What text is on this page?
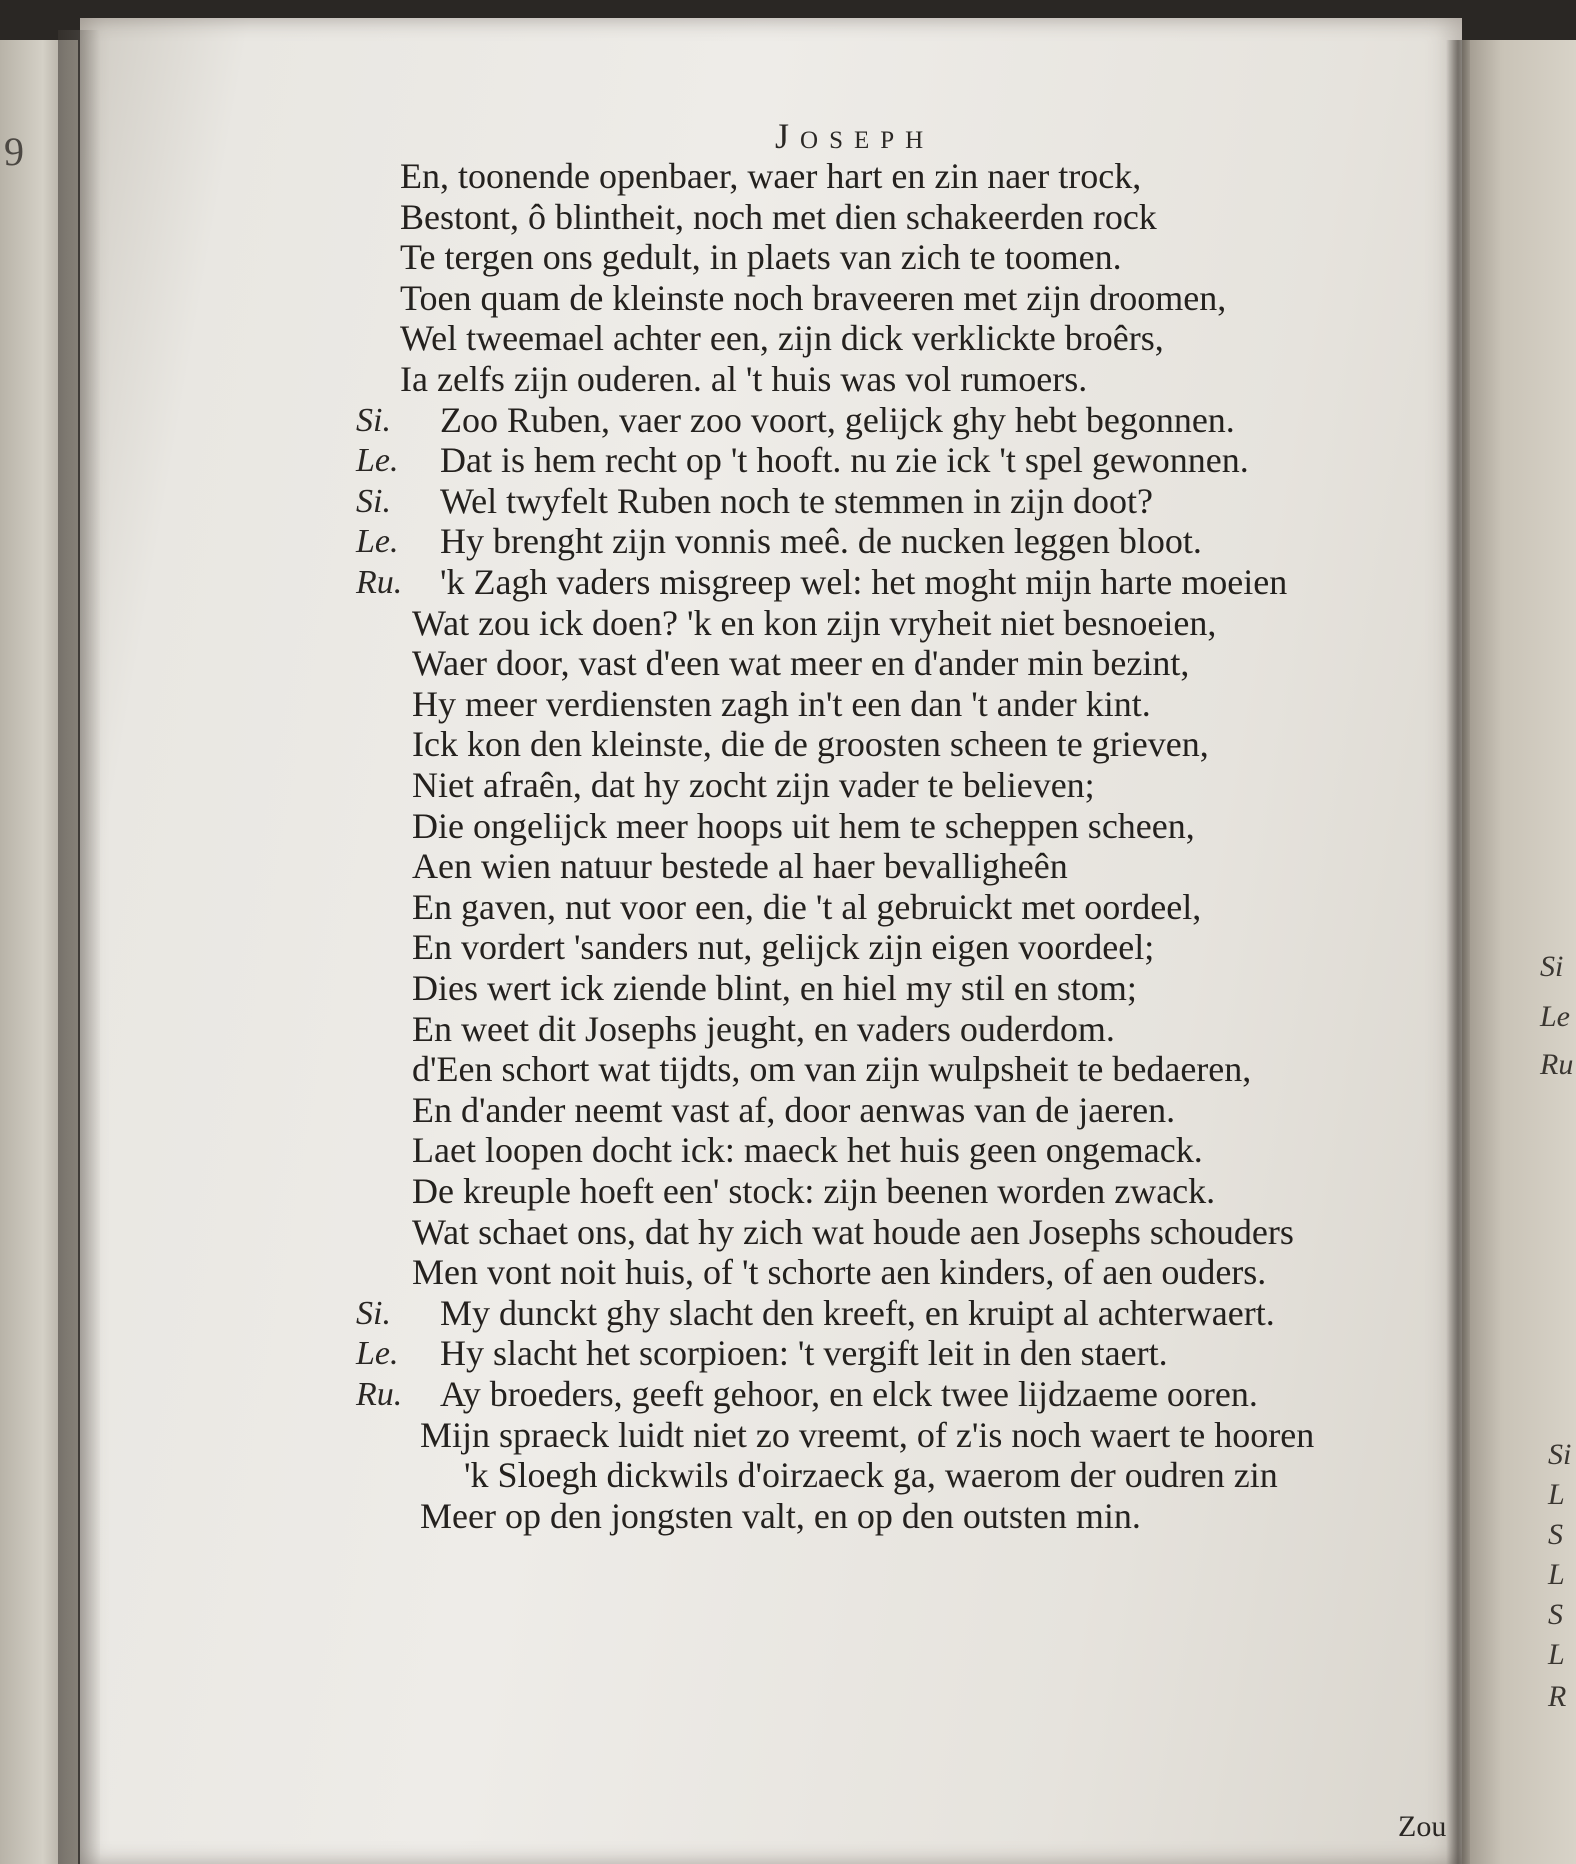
9	Joseph
En, toonende openbaer, waer hart en zin naer trock,
Bestont, ô blintheit, noch met dien schakeerden rock
Te tergen ons gedult, in plaets van zich te toomen.
Toen quam de kleinste noch braveeren met zijn droomen,
Wel tweemael achter een, zijn dick verklickte broêrs,
Ia zelfs zijn ouderen. al 't huis was vol rumoers.
Si. Zoo Ruben, vaer zoo voort, gelijck ghy hebt begonnen.
Le. Dat is hem recht op 't hooft. nu zie ick 't spel gewonnen.
Si. Wel twyfelt Ruben noch te stemmen in zijn doot?
Le. Hy brenght zijn vonnis meê. de nucken leggen bloot.
Ru. 'k Zagh vaders misgreep wel: het moght mijn harte moeien
Wat zou ick doen? 'k en kon zijn vryheit niet besnoeien,
Waer door, vast d'een wat meer en d'ander min bezint,
Hy meer verdiensten zagh in't een dan 't ander kint.
Ick kon den kleinste, die de groosten scheen te grieven,
Niet afraên, dat hy zocht zijn vader te believen;
Die ongelijck meer hoops uit hem te scheppen scheen,
Aen wien natuur bestede al haer bevalligheên
En gaven, nut voor een, die 't al gebruickt met oordeel,
En vordert 'sanders nut, gelijck zijn eigen voordeel;
Dies wert ick ziende blint, en hiel my stil en stom;
En weet dit Josephs jeught, en vaders ouderdom.
d'Een schort wat tijdts, om van zijn wulpsheit te bedaeren,
En d'ander neemt vast af, door aenwas van de jaeren.
Laet loopen docht ick: maeck het huis geen ongemack.
De kreuple hoeft een' stock: zijn beenen worden zwack.
Wat schaet ons, dat hy zich wat houde aen Josephs schouders
Men vont noit huis, of 't schorte aen kinders, of aen ouders.
Si. My dunckt ghy slacht den kreeft, en kruipt al achterwaert.
Le. Hy slacht het scorpioen: 't vergift leit in den staert.
Ru. Ay broeders, geeft gehoor, en elck twee lijdzaeme ooren.
Mijn spraeck luidt niet zo vreemt, of z'is noch waert te hooren
'k Sloegh dickwils d'oirzaeck ga, waerom der oudren zin
Meer op den jongsten valt, en op den outsten min.
Si
Le
Ru
Si
L
S
L
S
L
R
Zou
